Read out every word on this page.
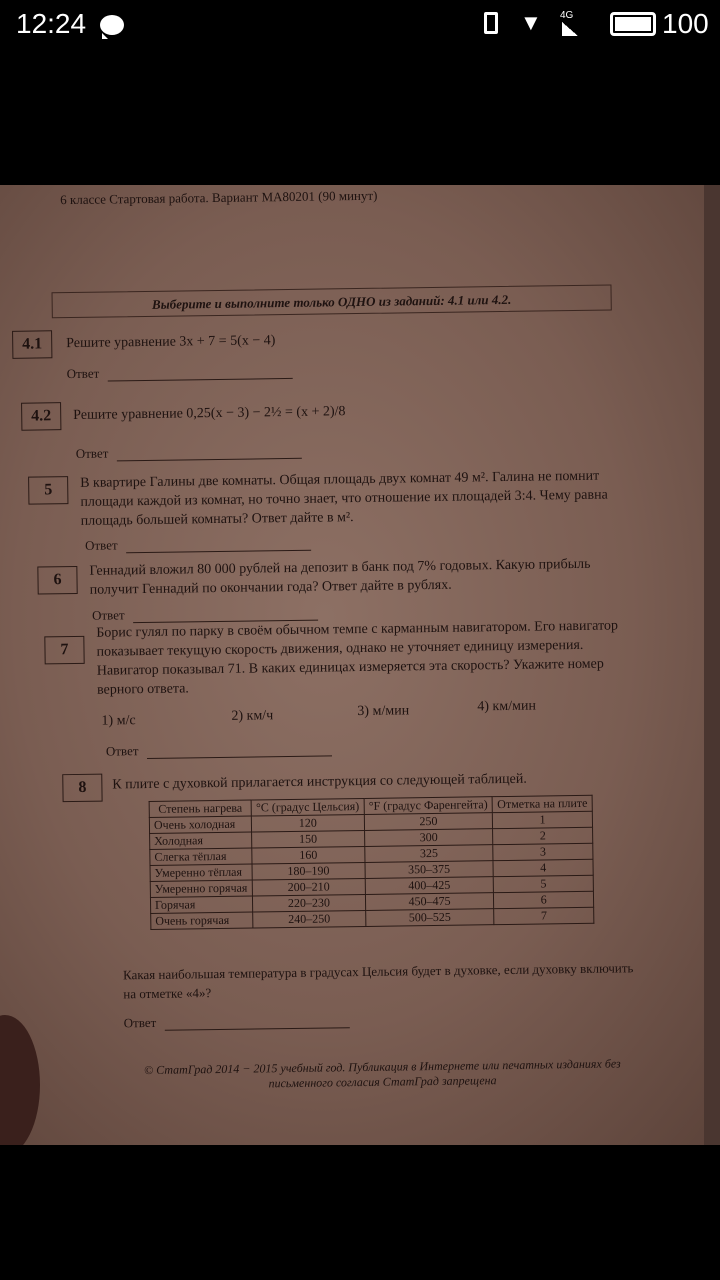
12:24	▼ 4G	100
6 классе Стартовая работа. Вариант МА80201 (90 минут)
Выберите и выполните только ОДНО из заданий: 4.1 или 4.2.
4.1	Решите уравнение 3x + 7 = 5(x − 4)
Ответ
4.2	Решите уравнение 0,25(x − 3) − 2½ = (x + 2)/8
Ответ
5	В квартире Галины две комнаты. Общая площадь двух комнат 49 м². Галина не помнит площади каждой из комнат, но точно знает, что отношение их площадей 3:4. Чему равна площадь большей комнаты? Ответ дайте в м².
Ответ
6
Геннадий вложил 80 000 рублей на депозит в банк под 7% годовых. Какую прибыль получит Геннадий по окончании года? Ответ дайте в рублях.
Ответ
7
Борис гулял по парку в своём обычном темпе с карманным навигатором. Его навигатор показывает текущую скорость движения, однако не уточняет единицу измерения. Навигатор показывал 71. В каких единицах измеряется эта скорость? Укажите номер верного ответа.
1) м/с	2) км/ч	3) м/мин	4) км/мин
Ответ
8	К плите с духовкой прилагается инструкция со следующей таблицей.
Степень нагрева	°C (градус Цельсия)	°F (градус Фаренгейта)	Отметка на плите
Очень холодная	120	250	1
Холодная	150	300	2
Слегка тёплая	160	325	3
Умеренно тёплая	180–190	350–375	4
Умеренно горячая	200–210	400–425	5
Горячая	220–230	450–475	6
Очень горячая	240–250	500–525	7
Какая наибольшая температура в градусах Цельсия будет в духовке, если духовку включить на отметке «4»?
Ответ
© СтатГрад 2014 − 2015 учебный год. Публикация в Интернете или печатных изданиях без письменного согласия СтатГрад запрещена
